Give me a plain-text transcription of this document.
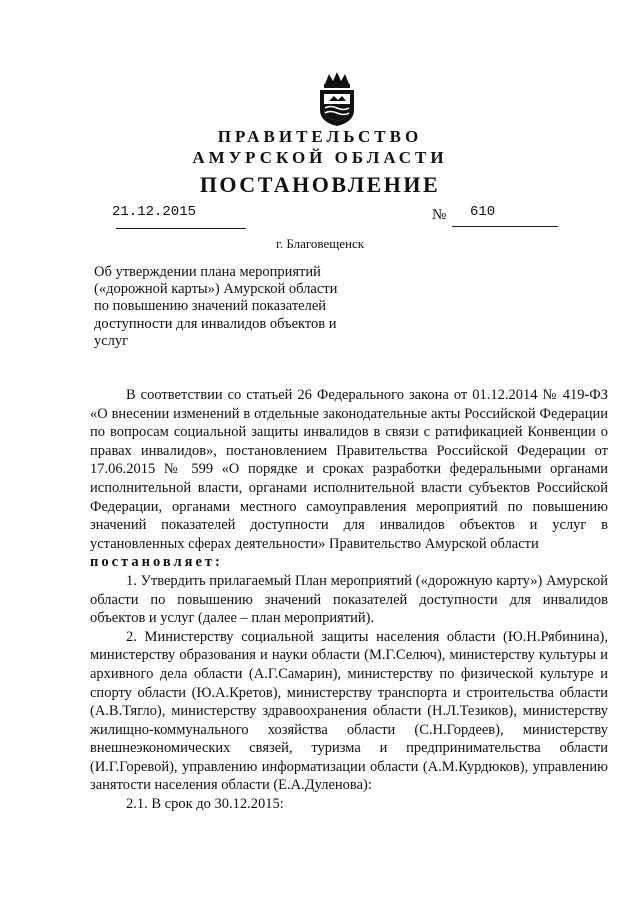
ПРАВИТЕЛЬСТВО
АМУРСКОЙ ОБЛАСТИ
ПОСТАНОВЛЕНИЕ
21.12.2015	№ 610
г. Благовещенск

Об утверждении плана мероприятий («дорожной карты») Амурской области по повышению значений показателей доступности для инвалидов объектов и услуг

В соответствии со статьей 26 Федерального закона от 01.12.2014 № 419-ФЗ «О внесении изменений в отдельные законодательные акты Российской Федерации по вопросам социальной защиты инвалидов в связи с ратификацией Конвенции о правах инвалидов», постановлением Правительства Российской Федерации от 17.06.2015 № 599 «О порядке и сроках разработки федеральными органами исполнительной власти, органами исполнительной власти субъектов Российской Федерации, органами местного самоуправления мероприятий по повышению значений показателей доступности для инвалидов объектов и услуг в установленных сферах деятельности» Правительство Амурской области

постановляет:

1. Утвердить прилагаемый План мероприятий («дорожную карту») Амурской области по повышению значений показателей доступности для инвалидов объектов и услуг (далее – план мероприятий).

2. Министерству социальной защиты населения области (Ю.Н.Рябинина), министерству образования и науки области (М.Г.Селюч), министерству культуры и архивного дела области (А.Г.Самарин), министерству по физической культуре и спорту области (Ю.А.Кретов), министерству транспорта и строительства области (А.В.Тягло), министерству здравоохранения области (Н.Л.Тезиков), министерству жилищно-коммунального хозяйства области (С.Н.Гордеев), министерству внешнеэкономических связей, туризма и предпринимательства области (И.Г.Горевой), управлению информатизации области (А.М.Курдюков), управлению занятости населения области (Е.А.Дуленова):

2.1. В срок до 30.12.2015:
